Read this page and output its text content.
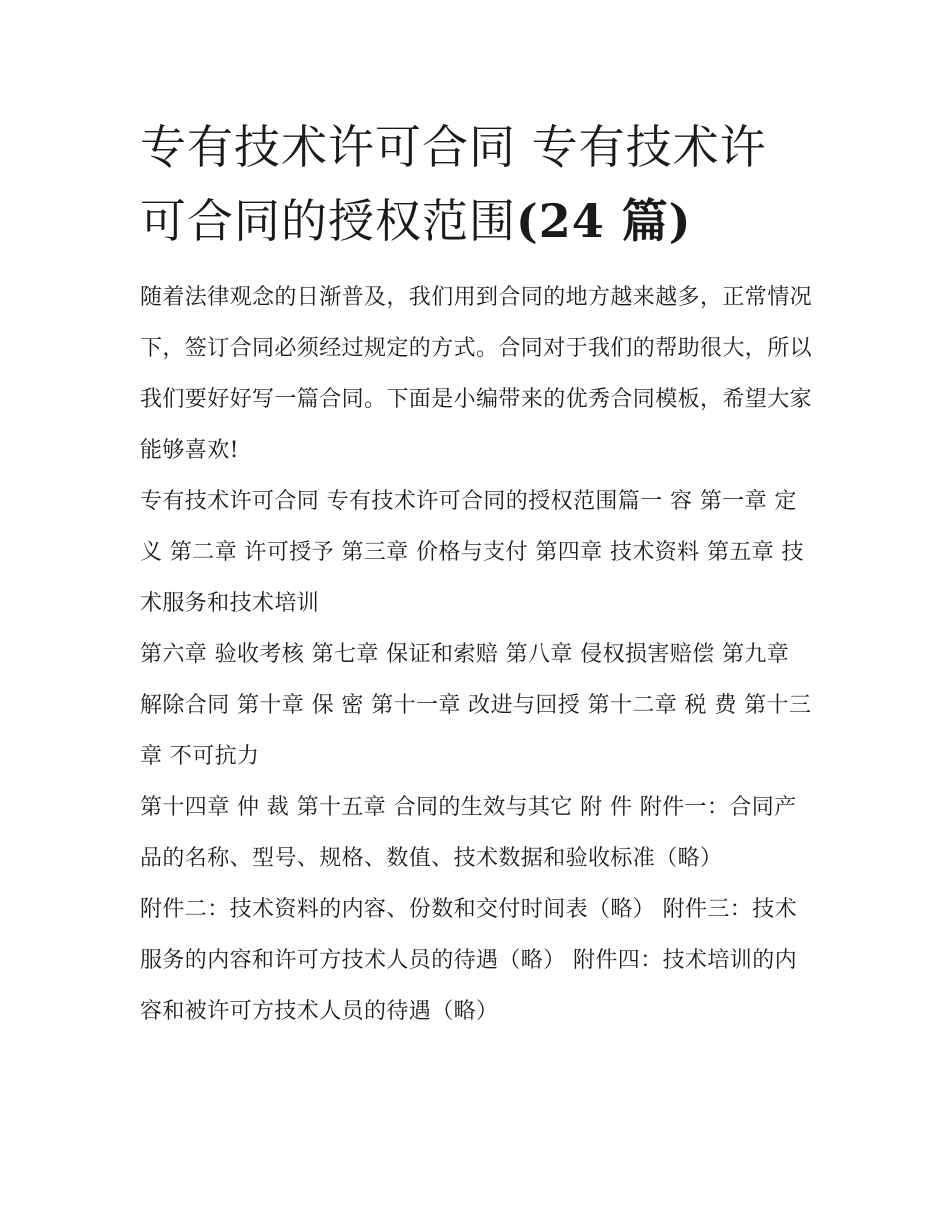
专有技术许可合同 专有技术许可合同的授权范围(24 篇)

随着法律观念的日渐普及，我们用到合同的地方越来越多，正常情况下，签订合同必须经过规定的方式。合同对于我们的帮助很大，所以我们要好好写一篇合同。下面是小编带来的优秀合同模板，希望大家能够喜欢!

专有技术许可合同 专有技术许可合同的授权范围篇一 容 第一章 定 义 第二章 许可授予 第三章 价格与支付 第四章 技术资料 第五章 技术服务和技术培训

第六章 验收考核 第七章 保证和索赔 第八章 侵权损害赔偿 第九章 解除合同 第十章 保 密 第十一章 改进与回授 第十二章 税 费 第十三章 不可抗力

第十四章 仲 裁 第十五章 合同的生效与其它 附 件 附件一：合同产品的名称、型号、规格、数值、技术数据和验收标准（略）

附件二：技术资料的内容、份数和交付时间表（略） 附件三：技术服务的内容和许可方技术人员的待遇（略） 附件四：技术培训的内容和被许可方技术人员的待遇（略）
